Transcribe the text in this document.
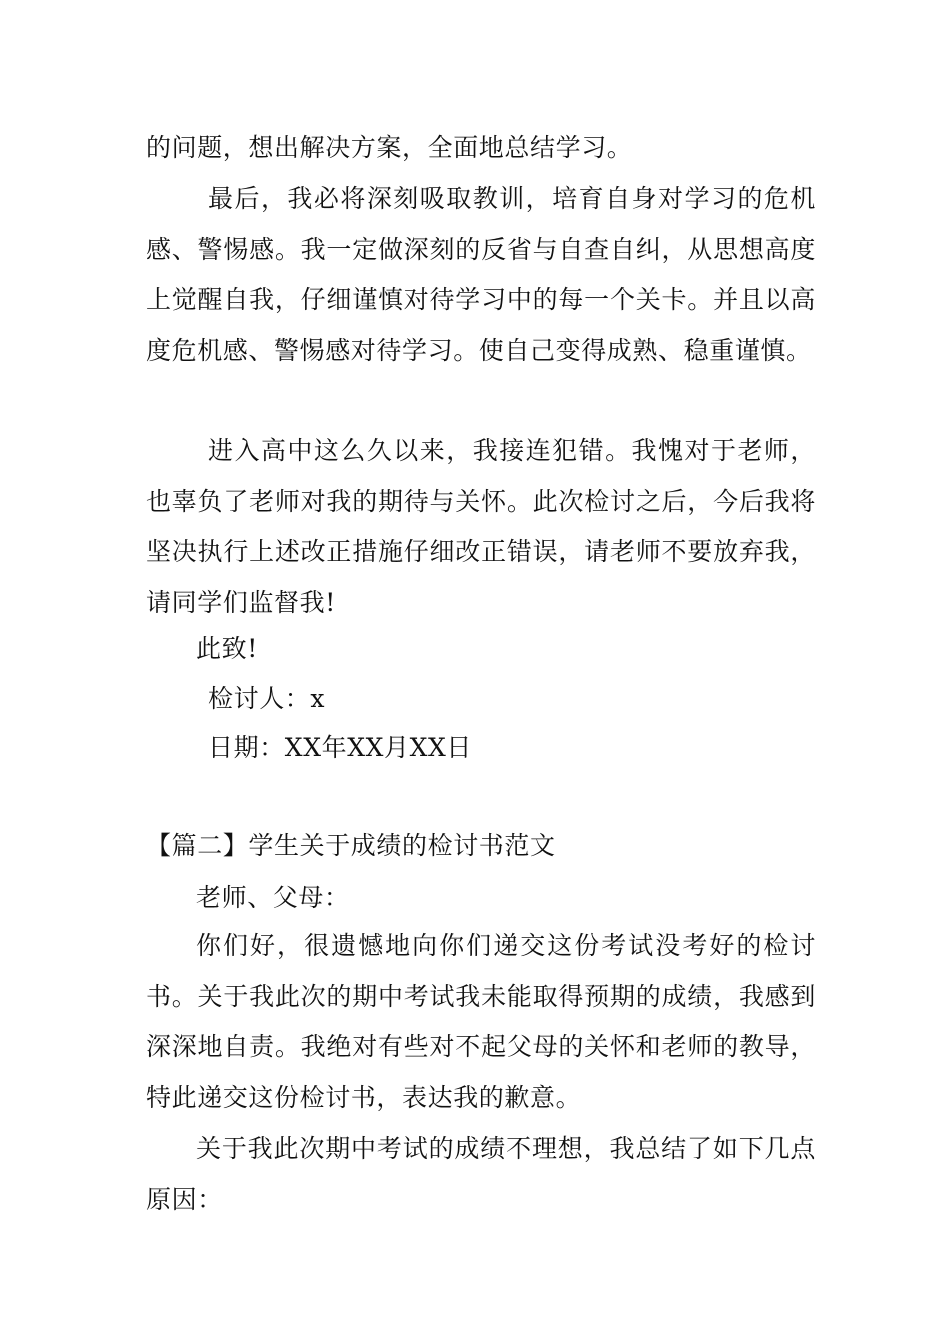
的问题，想出解决方案，全面地总结学习。

最后，我必将深刻吸取教训，培育自身对学习的危机感、警惕感。我一定做深刻的反省与自查自纠，从思想高度上觉醒自我，仔细谨慎对待学习中的每一个关卡。并且以高度危机感、警惕感对待学习。使自己变得成熟、稳重谨慎。

进入高中这么久以来，我接连犯错。我愧对于老师，也辜负了老师对我的期待与关怀。此次检讨之后，今后我将坚决执行上述改正措施仔细改正错误，请老师不要放弃我，请同学们监督我!

此致!

检讨人：x

日期：XX年XX月XX日

【篇二】学生关于成绩的检讨书范文

老师、父母：

你们好，很遗憾地向你们递交这份考试没考好的检讨书。关于我此次的期中考试我未能取得预期的成绩，我感到深深地自责。我绝对有些对不起父母的关怀和老师的教导，特此递交这份检讨书，表达我的歉意。

关于我此次期中考试的成绩不理想，我总结了如下几点原因：
